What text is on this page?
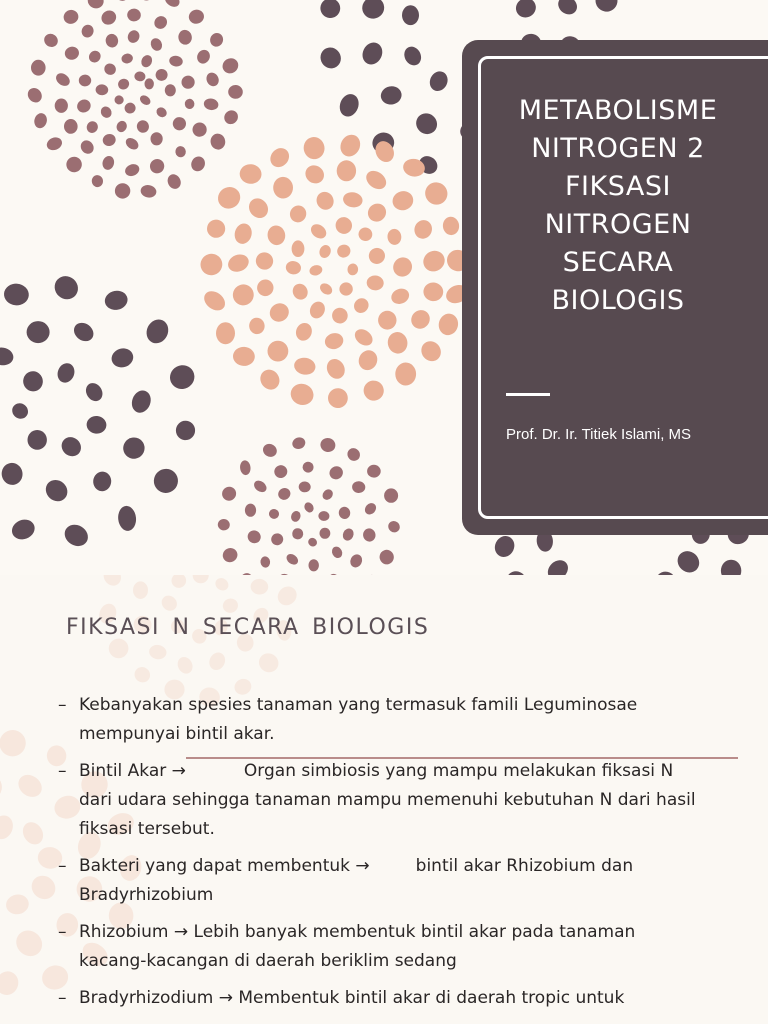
METABOLISME
NITROGEN 2
FIKSASI
NITROGEN
SECARA
BIOLOGIS
Prof. Dr. Ir. Titiek Islami, MS
FIKSASI N SECARA BIOLOGIS
– Kebanyakan spesies tanaman yang termasuk famili Leguminosae mempunyai bintil akar.
– Bintil Akar →	Organ simbiosis yang mampu melakukan fiksasi N dari udara sehingga tanaman mampu memenuhi kebutuhan N dari hasil fiksasi tersebut.
– Bakteri yang dapat membentuk →	bintil akar Rhizobium dan Bradyrhizobium
– Rhizobium → Lebih banyak membentuk bintil akar pada tanaman kacang-kacangan di daerah beriklim sedang
– Bradyrhizodium → Membentuk bintil akar di daerah tropic untuk
